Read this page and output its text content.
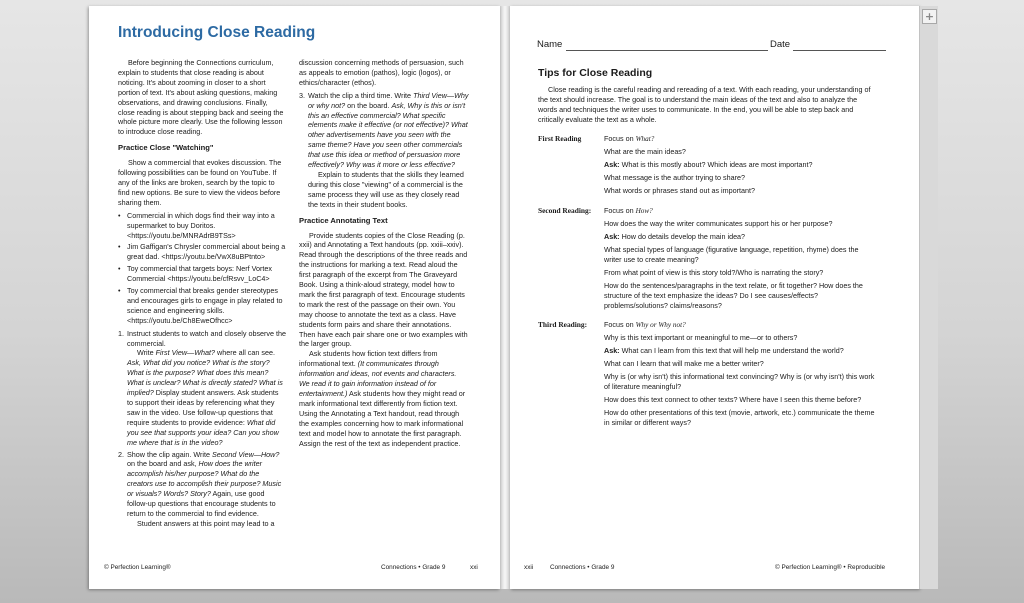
Introducing Close Reading

Before beginning the Connections curriculum, explain to students that close reading is about noticing. It's about zooming in closer to a short portion of text. It's about asking questions, making observations, and drawing conclusions. Finally, close reading is about stepping back and seeing the whole picture more clearly. Use the following lesson to introduce close reading.

Practice Close "Watching"

Show a commercial that evokes discussion. The following possibilities can be found on YouTube. If any of the links are broken, search by the topic to find new options. Be sure to view the videos before sharing them.

• Commercial in which dogs find their way into a supermarket to buy Doritos. <https://youtu.be/MNRAdrB9TSs>
• Jim Gaffigan's Chrysler commercial about being a great dad. <https://youtu.be/VwX8uBPtnto>
• Toy commercial that targets boys: Nerf Vortex Commercial <https://youtu.be/cfRsvv_LoC4>
• Toy commercial that breaks gender stereotypes and encourages girls to engage in play related to science and engineering skills. <https://youtu.be/Ch8EweOfhcc>
1. Instruct students to watch and closely observe the commercial.

Write First View—What? where all can see. Ask, What did you notice? What is the story? What is the purpose? What does this mean? What is unclear? What is directly stated? What is implied? Display student answers. Ask students to support their ideas by referencing what they saw in the video. Use follow-up questions that require students to provide evidence: What did you see that supports your idea? Can you show me where that is in the video?

2. Show the clip again. Write Second View—How? on the board and ask, How does the writer accomplish his/her purpose? What do the creators use to accomplish their purpose? Music or visuals? Words? Story? Again, use good follow-up questions that encourage students to return to the commercial to find evidence.

Student answers at this point may lead to a

discussion concerning methods of persuasion, such as appeals to emotion (pathos), logic (logos), or ethics/character (ethos).

3. Watch the clip a third time. Write Third View—Why or why not? on the board. Ask, Why is this or isn't this an effective commercial? What specific elements make it effective (or not effective)? What other advertisements have you seen with the same theme? Have you seen other commercials that use this idea or method of persuasion more effectively? Why was it more or less effective?

Explain to students that the skills they learned during this close "viewing" of a commercial is the same process they will use as they closely read the texts in their student books.

Practice Annotating Text

Provide students copies of the Close Reading (p. xxii) and Annotating a Text handouts (pp. xxiii–xxiv). Read through the descriptions of the three reads and the instructions for marking a text. Read aloud the first paragraph of the excerpt from The Graveyard Book. Using a think-aloud strategy, model how to mark the first paragraph of text. Encourage students to mark the rest of the passage on their own. You may choose to annotate the text as a class. Have students form pairs and share their annotations. Then have each pair share one or two examples with the larger group.

Ask students how fiction text differs from informational text. (It communicates through information and ideas, not events and characters. We read it to gain information instead of for entertainment.) Ask students how they might read or mark informational text differently from fiction text. Using the Annotating a Text handout, read through the examples concerning how to mark informational text and model how to annotate the first paragraph. Assign the rest of the text as independent practice.

© Perfection Learning®	Connections • Grade 9	xxi
Name	Date
Tips for Close Reading

Close reading is the careful reading and rereading of a text. With each reading, your understanding of the text should increase. The goal is to understand the main ideas of the text and also to analyze the words and techniques the writer uses to communicate. In the end, you will be able to step back and critically evaluate the text as a whole.

First Reading	Focus on What?

What are the main ideas?

Ask: What is this mostly about? Which ideas are most important?

What message is the author trying to share?

What words or phrases stand out as important?

Second Reading: Focus on How?

How does the way the writer communicates support his or her purpose?

Ask: How do details develop the main idea?

What special types of language (figurative language, repetition, rhyme) does the writer use to create meaning?

From what point of view is this story told?/Who is narrating the story?

How do the sentences/paragraphs in the text relate, or fit together? How does the structure of the text emphasize the ideas? Do I see causes/effects? problems/solutions? claims/reasons?

Third Reading: Focus on Why or Why not?

Why is this text important or meaningful to me—or to others?

Ask: What can I learn from this text that will help me understand the world?

What can I learn that will make me a better writer?

Why is (or why isn't) this informational text convincing? Why is (or why isn't) this work of literature meaningful?

How does this text connect to other texts? Where have I seen this theme before?

How do other presentations of this text (movie, artwork, etc.) communicate the theme in similar or different ways?

xxii	Connections • Grade 9	© Perfection Learning® • Reproducible
+
